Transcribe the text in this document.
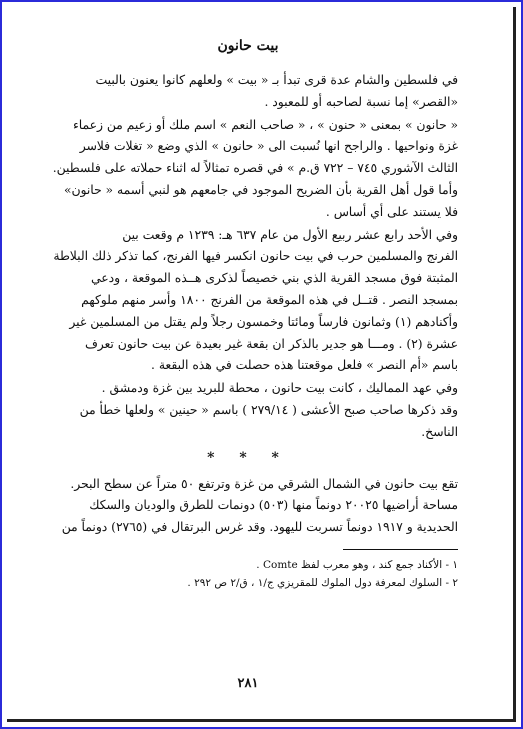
بيت حانون
في فلسطين والشام عدة قرى تبدأ بـ « بيت » ولعلهم كانوا يعنون بالبيت
«القصر» إما نسبة لصاحبه أو للمعبود .
« حانون » بمعنى « حنون » ، « صاحب النعم » اسم ملك أو زعيم من زعماء
غزة ونواحيها . والراجح انها نُسبت الى « حانون » الذي وضع « تغلات فلاسر
الثالث الآشوري ٧٤٥ – ٧٢٢ ق.م » في قصره تمثالاً له اثناء حملاته على فلسطين.
وأما قول أهل القرية بأن الضريح الموجود في جامعهم هو لنبي أسمه « حانون»
فلا يستند على أي أساس .
وفي الأحد رابع عشر ربيع الأول من عام ٦٣٧ هـ: ١٢٣٩ م وقعت بين
الفرنج والمسلمين حرب في بيت حانون انكسر فيها الفرنج، كما تذكر ذلك البلاطة
المثبتة فوق مسجد القرية الذي بني خصيصاً لذكرى هــذه الموقعة ، ودعي
بمسجد النصر . قتــل في هذه الموقعة من الفرنج ١٨٠٠ وأسر منهم ملوكهم
وأكنادهم (١) وثمانون فارساً ومائتا وخمسون رجلاً ولم يقتل من المسلمين غير
عشرة (٢) . ومـــا هو جدير بالذكر ان بقعة غير بعيدة عن بيت حانون تعرف
باسم «أم النصر » فلعل موقعتنا هذه حصلت في هذه البقعة .
وفي عهد المماليك ، كانت بيت حانون ، محطة للبريد بين غزة ودمشق .
وقد ذكرها صاحب صبح الأعشى ( ٢٧٩/١٤ ) باسم « حينين » ولعلها خطأ من
الناسخ.
* * *
تقع بيت حانون في الشمال الشرقي من غزة وترتفع ٥٠ متراً عن سطح البحر.
مساحة أراضيها ٢٠٠٢٥ دونماً منها (٥٠٣) دونمات للطرق والوديان والسكك
الحديدية و ١٩١٧ دونماً تسربت لليهود. وقد غرس البرتقال في (٢٧٦٥) دونماً من
١ - الأكناد جمع كند ، وهو معرب لفظ Comte .
٢ - السلوك لمعرفة دول الملوك للمقريزي ج/١ ، ق/٢ ص ٢٩٢ .
٢٨١
